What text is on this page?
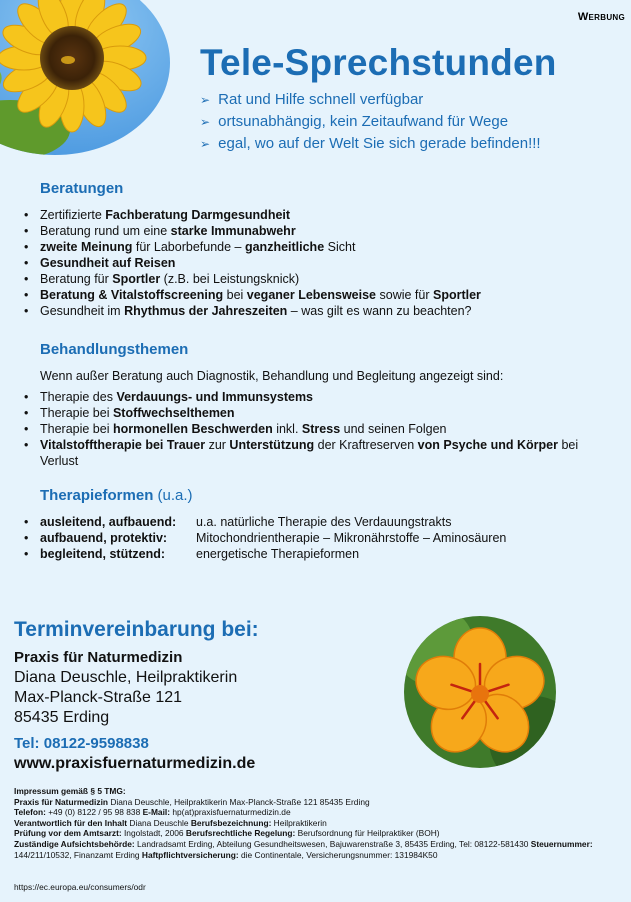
Werbung
Tele-Sprechstunden
➢ Rat und Hilfe schnell verfügbar
➢ ortsunabhängig, kein Zeitaufwand für Wege
➢ egal, wo auf der Welt Sie sich gerade befinden!!!
Beratungen
• Zertifizierte Fachberatung Darmgesundheit
• Beratung rund um eine starke Immunabwehr
• zweite Meinung für Laborbefunde – ganzheitliche Sicht
• Gesundheit auf Reisen
• Beratung für Sportler (z.B. bei Leistungsknick)
• Beratung & Vitalstoffscreening bei veganer Lebensweise sowie für Sportler
• Gesundheit im Rhythmus der Jahreszeiten – was gilt es wann zu beachten?
Behandlungsthemen
Wenn außer Beratung auch Diagnostik, Behandlung und Begleitung angezeigt sind:
• Therapie des Verdauungs- und Immunsystems
• Therapie bei Stoffwechselthemen
• Therapie bei hormonellen Beschwerden inkl. Stress und seinen Folgen
• Vitalstofftherapie bei Trauer zur Unterstützung der Kraftreserven von Psyche und Körper bei Verlust
Therapieformen (u.a.)
• ausleitend, aufbauend:	u.a. natürliche Therapie des Verdauungstrakts
• aufbauend, protektiv:	Mitochondrientherapie – Mikronährstoffe – Aminosäuren
• begleitend, stützend:	energetische Therapieformen
Terminvereinbarung bei:
Praxis für Naturmedizin
Diana Deuschle, Heilpraktikerin
Max-Planck-Straße 121
85435 Erding
Tel: 08122-9598838
www.praxisfuernaturmedizin.de
Impressum gemäß § 5 TMG:
Praxis für Naturmedizin Diana Deuschle, Heilpraktikerin Max-Planck-Straße 121 85435 Erding
Telefon: +49 (0) 8122 / 95 98 838 E-Mail: hp(at)praxisfuernaturmedizin.de
Verantwortlich für den Inhalt Diana Deuschle Berufsbezeichnung: Heilpraktikerin
Prüfung vor dem Amtsarzt: Ingolstadt, 2006 Berufsrechtliche Regelung: Berufsordnung für Heilpraktiker (BOH)
Zuständige Aufsichtsbehörde: Landradsamt Erding, Abteilung Gesundheitswesen, Bajuwarenstraße 3, 85435 Erding, Tel: 08122-581430 Steuernummer: 144/211/10532, Finanzamt Erding Haftpflichtversicherung: die Continentale, Versicherungsnummer: 131984K50
https://ec.europa.eu/consumers/odr
